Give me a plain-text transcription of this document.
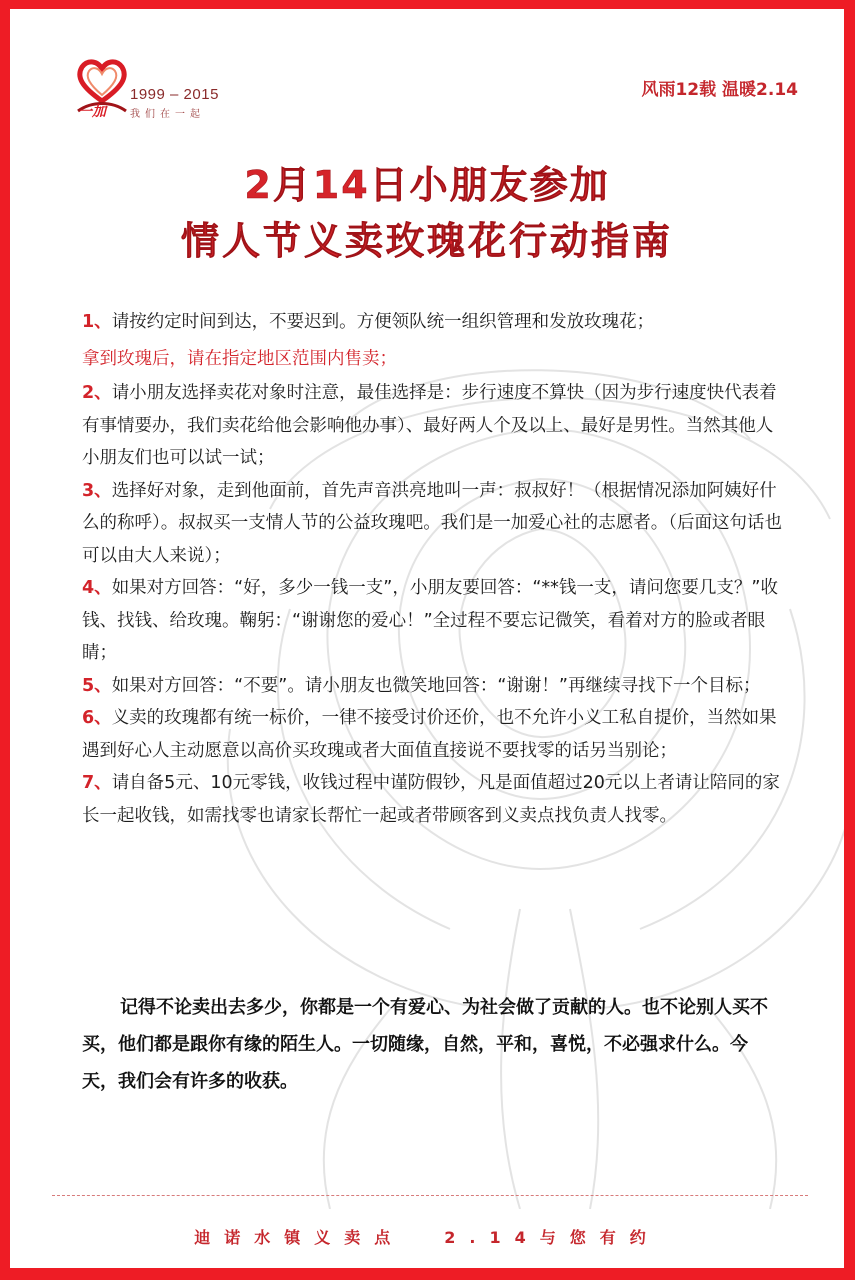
一加
1999 – 2015
我们在一起
风雨12载 温暖2.14
2月14日小朋友参加
情人节义卖玫瑰花行动指南

1、请按约定时间到达，不要迟到。方便领队统一组织管理和发放玫瑰花；

拿到玫瑰后，请在指定地区范围内售卖；

2、请小朋友选择卖花对象时注意，最佳选择是：步行速度不算快（因为步行速度快代表着有事情要办，我们卖花给他会影响他办事）、最好两人个及以上、最好是男性。当然其他人小朋友们也可以试一试；

3、选择好对象，走到他面前，首先声音洪亮地叫一声：叔叔好！（根据情况添加阿姨好什么的称呼）。叔叔买一支情人节的公益玫瑰吧。我们是一加爱心社的志愿者。（后面这句话也可以由大人来说）；

4、如果对方回答：“好，多少一钱一支”，小朋友要回答：“**钱一支，请问您要几支？”收钱、找钱、给玫瑰。鞠躬：“谢谢您的爱心！”全过程不要忘记微笑，看着对方的脸或者眼睛；

5、如果对方回答：“不要”。请小朋友也微笑地回答：“谢谢！”再继续寻找下一个目标；

6、义卖的玫瑰都有统一标价，一律不接受讨价还价，也不允许小义工私自提价，当然如果遇到好心人主动愿意以高价买玫瑰或者大面值直接说不要找零的话另当别论；

7、请自备5元、10元零钱，收钱过程中谨防假钞，凡是面值超过20元以上者请让陪同的家长一起收钱，如需找零也请家长帮忙一起或者带顾客到义卖点找负责人找零。

记得不论卖出去多少，你都是一个有爱心、为社会做了贡献的人。也不论别人买不买，他们都是跟你有缘的陌生人。一切随缘，自然，平和，喜悦，不必强求什么。今天，我们会有许多的收获。

迪诺水镇义卖点	2.14与您有约
